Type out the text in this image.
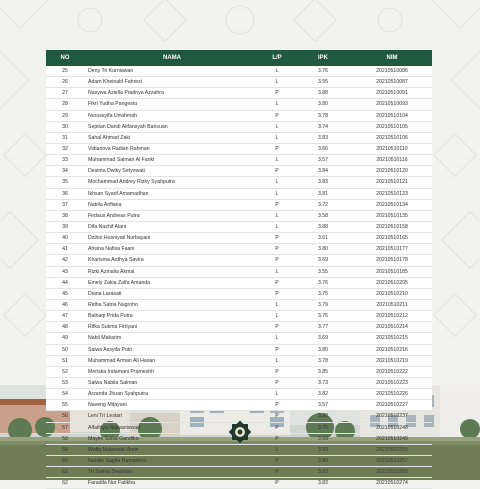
NO	NAMA	L/P	IPK	NIM
25	Deny Tri Kurniawan	L	3.76	20210510086
26	Adam Kheinald Fahrezi	L	3.55	20210510087
27	Nasywa Aziella Pradnya Azzahra	P	3.88	20210510091
28	Fikri Yudha Pangestu	L	3.80	20210510093
29	Nurussyifa Urrahmah	P	3.78	20210510104
30	Septian Dandi Alifansyah Bansuan	L	3.74	20210510105
31	Sahal Ahmad Zaki	L	3.83	20210510106
32	Vidianova Radian Rahman	P	3.66	20210510110
33	Muhammad Salman Al Fariki	L	3.57	20210510116
34	Desinta Dwiky Setyowati	P	3.84	20210510120
35	Mochammad Andrey Rizky Syahputra	L	3.83	20210510121
36	Ikhsan Syarif Amamadhan	L	3.81	20210510133
37	Nabila Arifiana	P	3.72	20210510134
38	Firdaus Andreas Putra	L	3.58	20210510135
39	Difa Nazhif Alani	L	3.88	20210510158
40	Dzihni Husniyati Nurbayani	P	3.61	20210510165
41	Ahsina Nafisa Faani	P	3.80	20210510177
42	Kharisma Ardhya Savira	P	3.69	20210510178
43	Rizki Azmalia Akmal	L	3.55	20210510185
44	Emely Zakia Zalfa Amanda	P	3.76	20210510205
45	Diana Larasati	P	3.75	20210510210
46	Ridha Satria Nugroho	L	3.79	20210510211
47	Baihaqi Prida Putra	L	3.76	20210510212
48	Rifka Sukma Fitriyani	P	3.77	20210510214
49	Nabil Makarim	L	3.69	20210510215
50	Salwa Assyifa Putri	P	3.80	20210510216
51	Muhammad Arman Ali Hasan	L	3.78	20210510219
52	Meriska Indamani Prameshti	P	3.85	20210510222
53	Salwa Nabila Salman	P	3.73	20210510223
54	Arzanda Jhuan Syahputra	L	3.82	20210510226
55	Naveng Mitayani	P	3.57	20210510227
56	Leni Tri Lestari	P	3.88	20210510237
57	Alfathiya Najwaniswari	P	3.75	20210510248
58	Mayke Salsa Gandika	P	3.69	20210510249
59	Wafiq Mutawakil Amin	L	3.59	20210510255
60	Natalie Sagita Ramadhini	P	3.80	20210510257
61	Tri Salma Destriani	P	3.63	20210510265
62	Faradila Nur Fatikha	P	3.83	20210510274
